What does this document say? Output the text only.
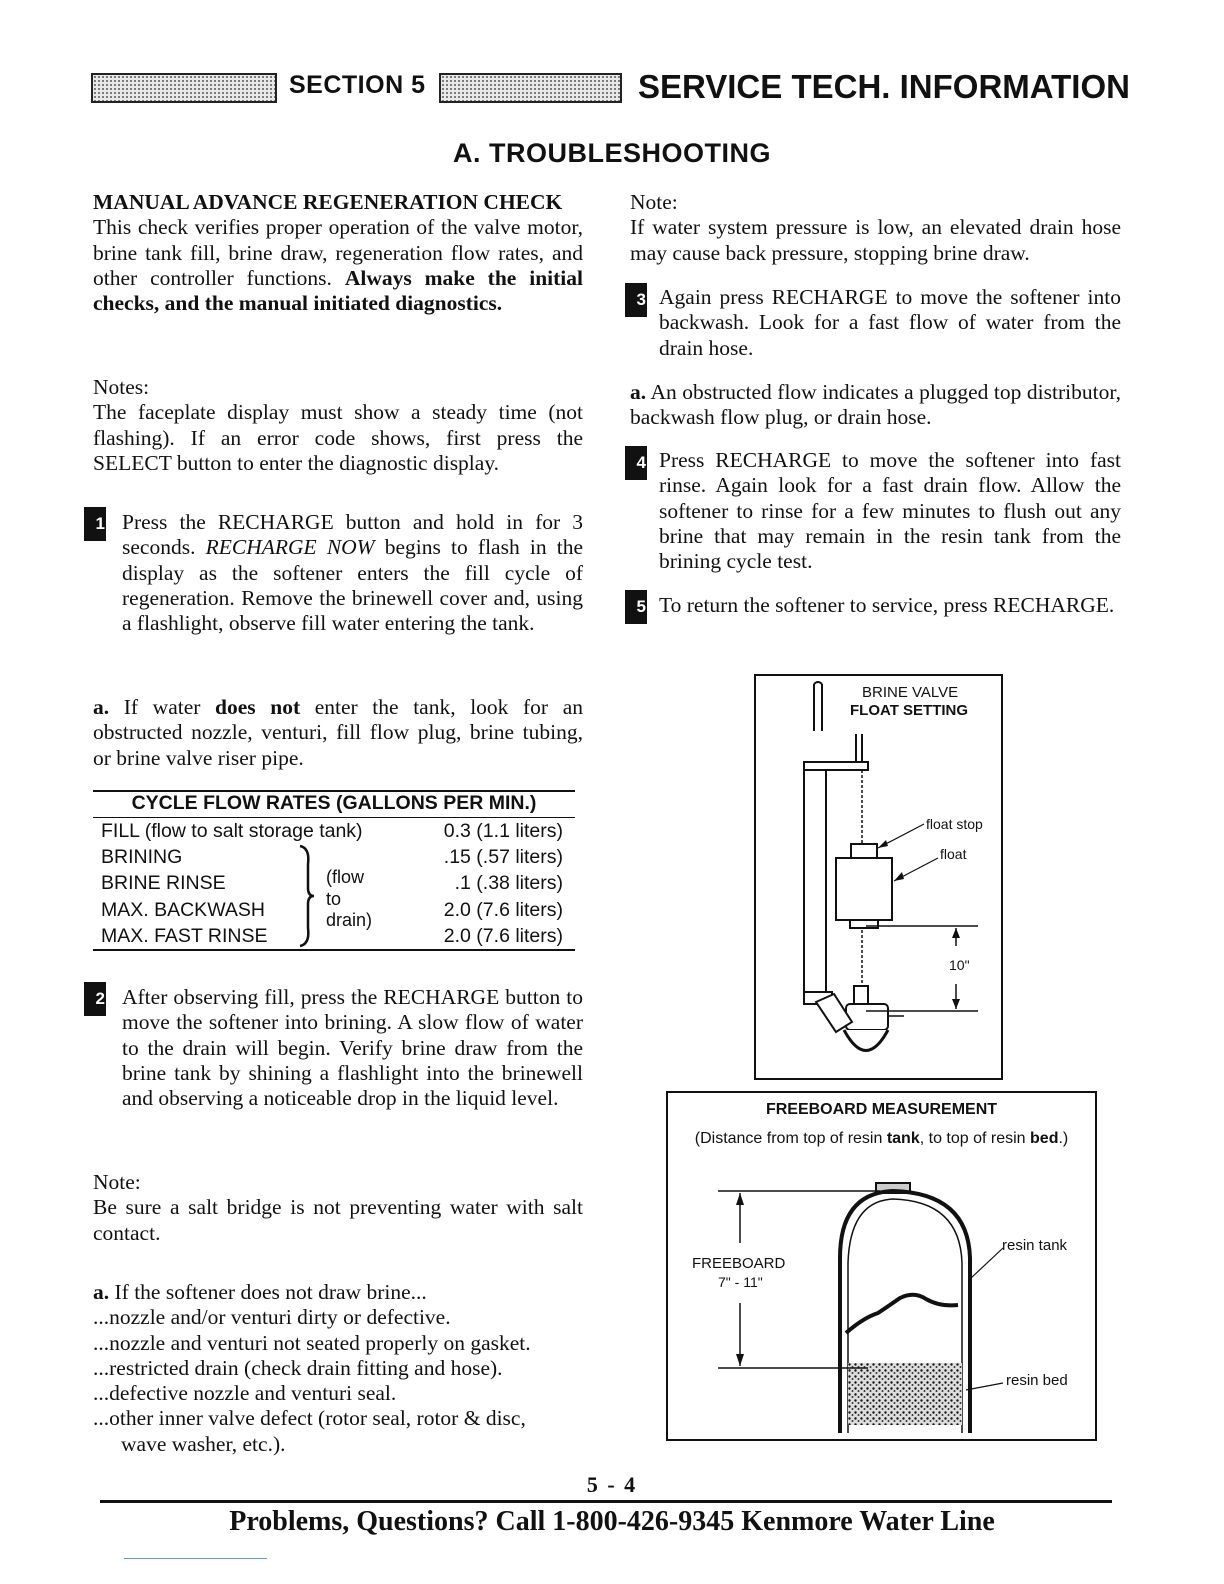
SECTION 5	SERVICE TECH. INFORMATION
A. TROUBLESHOOTING

MANUAL ADVANCE REGENERATION CHECK

This check verifies proper operation of the valve motor, brine tank fill, brine draw, regeneration flow rates, and other controller functions. Always make the initial checks, and the manual initiated diagnostics.

Notes:

The faceplate display must show a steady time (not flashing). If an error code shows, first press the SELECT button to enter the diagnostic display.

1 Press the RECHARGE button and hold in for 3 seconds. RECHARGE NOW begins to flash in the display as the softener enters the fill cycle of regeneration. Remove the brinewell cover and, using a flashlight, observe fill water entering the tank.

a. If water does not enter the tank, look for an obstructed nozzle, venturi, fill flow plug, brine tubing, or brine valve riser pipe.

CYCLE FLOW RATES (GALLONS PER MIN.)
FILL (flow to salt storage tank)	0.3 (1.1 liters)
BRINING	.15 (.57 liters)
BRINE RINSE	.1 (.38 liters)
MAX. BACKWASH	2.0 (7.6 liters)
MAX. FAST RINSE	2.0 (7.6 liters)
(flow
to
drain)
2 After observing fill, press the RECHARGE button to move the softener into brining. A slow flow of water to the drain will begin. Verify brine draw from the brine tank by shining a flashlight into the brinewell and observing a noticeable drop in the liquid level.

Note:

Be sure a salt bridge is not preventing water with salt contact.

a. If the softener does not draw brine...

...nozzle and/or venturi dirty or defective.

...nozzle and venturi not seated properly on gasket.

...restricted drain (check drain fitting and hose).

...defective nozzle and venturi seal.

...other inner valve defect (rotor seal, rotor & disc,

wave washer, etc.).

Note:

If water system pressure is low, an elevated drain hose may cause back pressure, stopping brine draw.

3 Again press RECHARGE to move the softener into backwash. Look for a fast flow of water from the drain hose.

a. An obstructed flow indicates a plugged top distributor, backwash flow plug, or drain hose.

4 Press RECHARGE to move the softener into fast rinse. Again look for a fast drain flow. Allow the softener to rinse for a few minutes to flush out any brine that may remain in the resin tank from the brining cycle test.

5 To return the softener to service, press RECHARGE.

BRINE VALVE
FLOAT SETTING
float stop
float
10"
FREEBOARD MEASUREMENT
(Distance from top of resin tank, to top of resin bed.)
FREEBOARD
7" - 11"
resin tank
resin bed
5 - 4
Problems, Questions? Call 1-800-426-9345 Kenmore Water Line
